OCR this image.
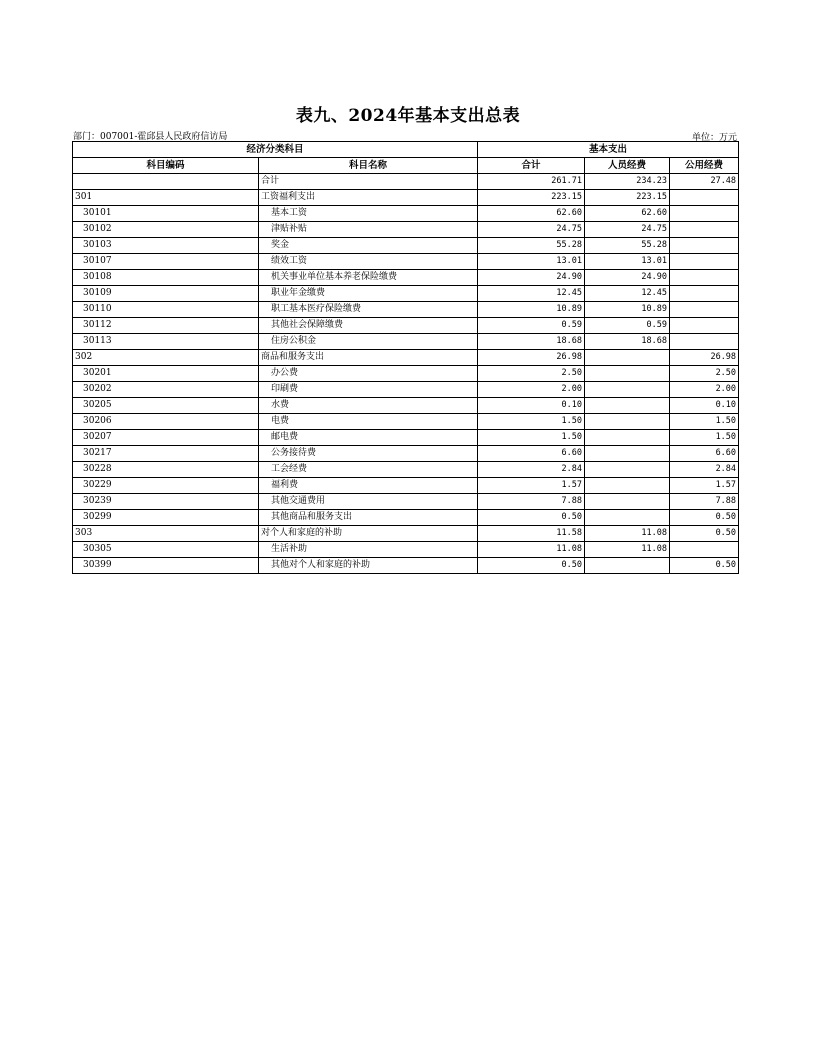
表九、2024年基本支出总表
部门：007001-霍邱县人民政府信访局	单位：万元
经济分类科目		基本支出		
科目编码	科目名称	合计	人员经费	公用经费
	合计	261.71	234.23	27.48
301	工资福利支出	223.15	223.15	
30101	基本工资	62.60	62.60	
30102	津贴补贴	24.75	24.75	
30103	奖金	55.28	55.28	
30107	绩效工资	13.01	13.01	
30108	机关事业单位基本养老保险缴费	24.90	24.90	
30109	职业年金缴费	12.45	12.45	
30110	职工基本医疗保险缴费	10.89	10.89	
30112	其他社会保障缴费	0.59	0.59	
30113	住房公积金	18.68	18.68	
302	商品和服务支出	26.98		26.98
30201	办公费	2.50		2.50
30202	印刷费	2.00		2.00
30205	水费	0.10		0.10
30206	电费	1.50		1.50
30207	邮电费	1.50		1.50
30217	公务接待费	6.60		6.60
30228	工会经费	2.84		2.84
30229	福利费	1.57		1.57
30239	其他交通费用	7.88		7.88
30299	其他商品和服务支出	0.50		0.50
303	对个人和家庭的补助	11.58	11.08	0.50
30305	生活补助	11.08	11.08	
30399	其他对个人和家庭的补助	0.50		0.50
